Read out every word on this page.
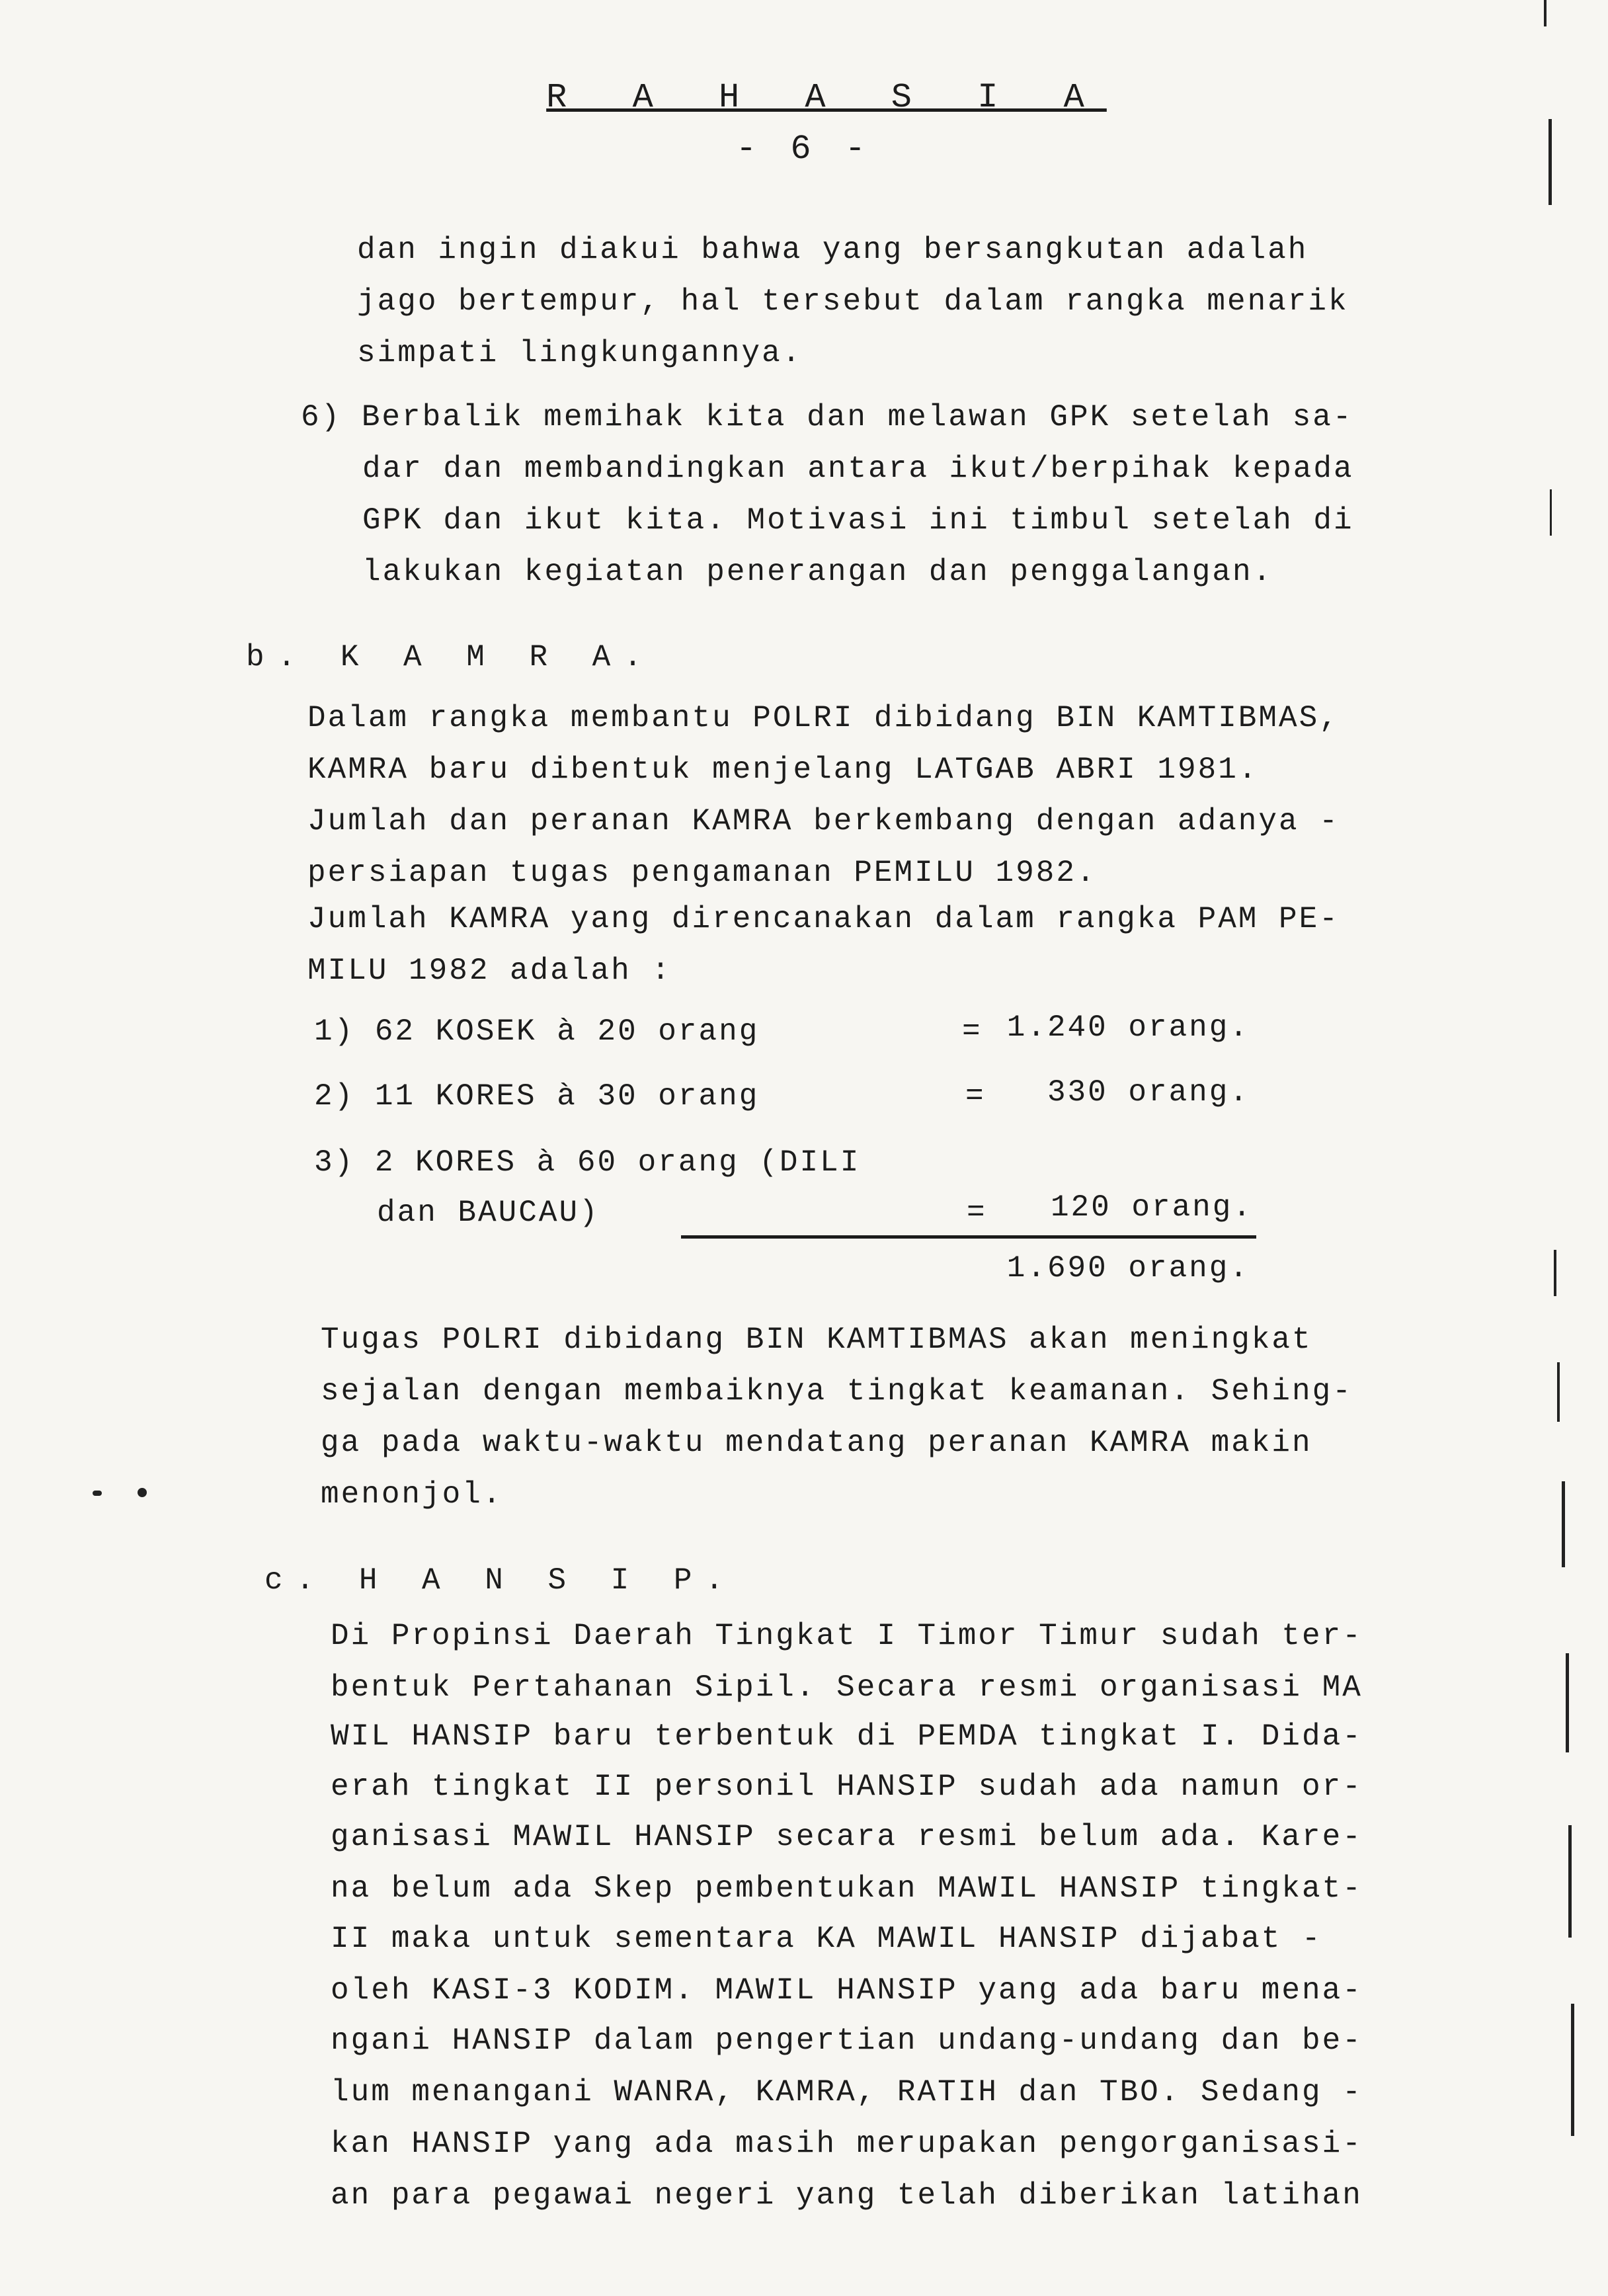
R A H A S I A
- 6 -
dan ingin diakui bahwa yang bersangkutan adalah
jago bertempur, hal tersebut dalam rangka menarik
simpati lingkungannya.
6) Berbalik memihak kita dan melawan GPK setelah sa-
dar dan membandingkan antara ikut/berpihak kepada
GPK dan ikut kita. Motivasi ini timbul setelah di
lakukan kegiatan penerangan dan penggalangan.
b. K A M R A.
Dalam rangka membantu POLRI dibidang BIN KAMTIBMAS,
KAMRA baru dibentuk menjelang LATGAB ABRI 1981.
Jumlah dan peranan KAMRA berkembang dengan adanya -
persiapan tugas pengamanan PEMILU 1982.
Jumlah KAMRA yang direncanakan dalam rangka PAM PE-
MILU 1982 adalah :
1) 62 KOSEK à 20 orang	= 1.240 orang.
2) 11 KORES à 30 orang	=	330 orang.
3) 2 KORES à 60 orang (DILI
dan BAUCAU)	=	120 orang.
1.690 orang.
Tugas POLRI dibidang BIN KAMTIBMAS akan meningkat
sejalan dengan membaiknya tingkat keamanan. Sehing-
ga pada waktu-waktu mendatang peranan KAMRA makin
menonjol.
c. H A N S I P.
Di Propinsi Daerah Tingkat I Timor Timur sudah ter-
bentuk Pertahanan Sipil. Secara resmi organisasi MA
WIL HANSIP baru terbentuk di PEMDA tingkat I. Dida-
erah tingkat II personil HANSIP sudah ada namun or-
ganisasi MAWIL HANSIP secara resmi belum ada. Kare-
na belum ada Skep pembentukan MAWIL HANSIP tingkat-
II maka untuk sementara KA MAWIL HANSIP dijabat -
oleh KASI-3 KODIM. MAWIL HANSIP yang ada baru mena-
ngani HANSIP dalam pengertian undang-undang dan be-
lum menangani WANRA, KAMRA, RATIH dan TBO. Sedang -
kan HANSIP yang ada masih merupakan pengorganisasi-
an para pegawai negeri yang telah diberikan latihan
